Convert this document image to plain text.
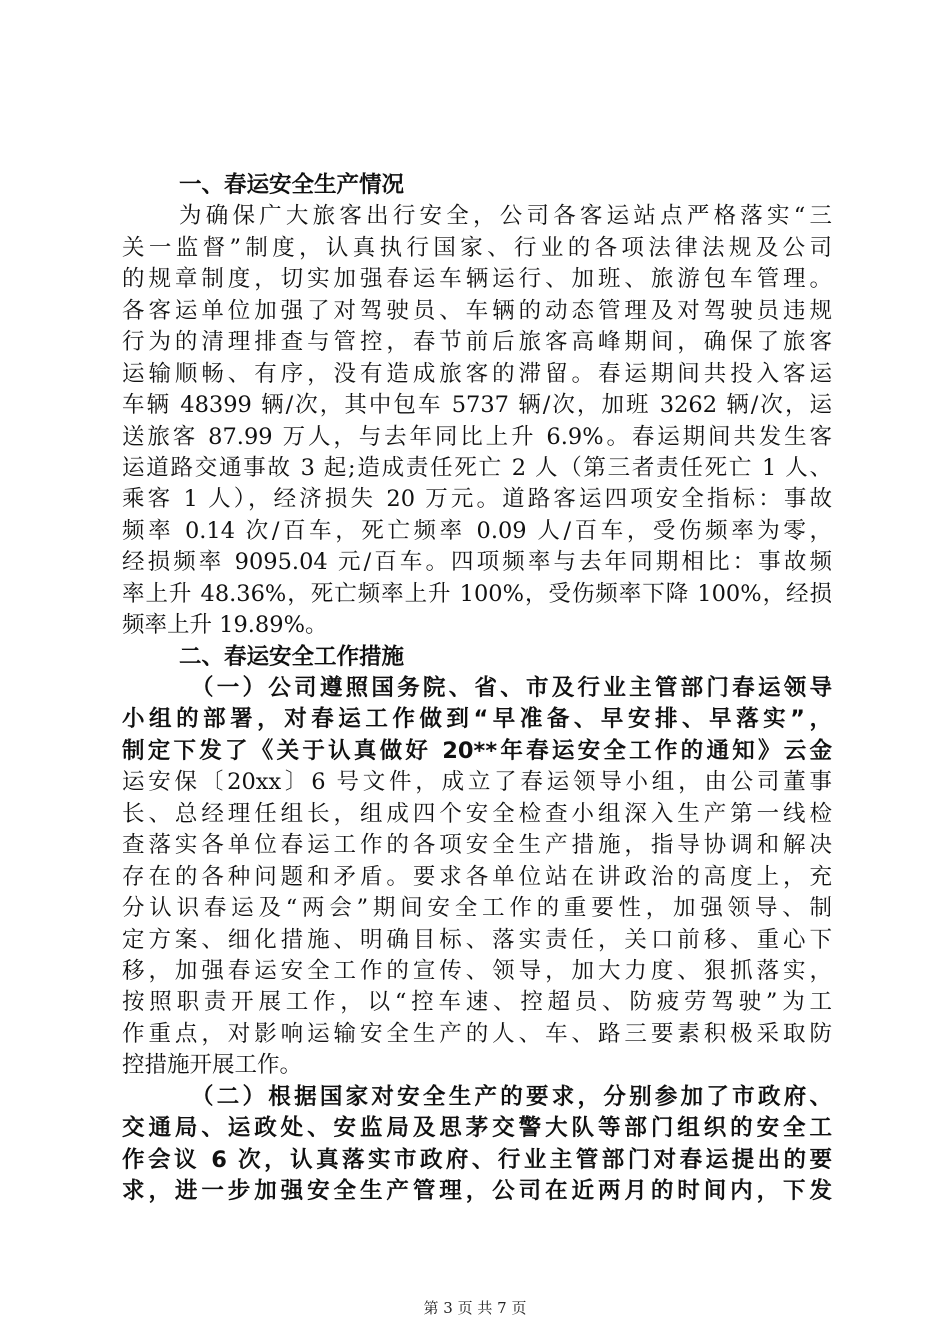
一、春运安全生产情况
为确保广大旅客出行安全，公司各客运站点严格落实“三
关一监督”制度，认真执行国家、行业的各项法律法规及公司
的规章制度，切实加强春运车辆运行、加班、旅游包车管理。
各客运单位加强了对驾驶员、车辆的动态管理及对驾驶员违规
行为的清理排查与管控，春节前后旅客高峰期间，确保了旅客
运输顺畅、有序，没有造成旅客的滞留。春运期间共投入客运
车辆 48399 辆/次，其中包车 5737 辆/次，加班 3262 辆/次，运
送旅客 87.99 万人，与去年同比上升 6.9%。春运期间共发生客
运道路交通事故 3 起;造成责任死亡 2 人（第三者责任死亡 1 人、
乘客 1 人），经济损失 20 万元。道路客运四项安全指标：事故
频率 0.14 次/百车，死亡频率 0.09 人/百车，受伤频率为零，
经损频率 9095.04 元/百车。四项频率与去年同期相比：事故频
率上升 48.36%，死亡频率上升 100%，受伤频率下降 100%，经损
频率上升 19.89%。
二、春运安全工作措施
（一）公司遵照国务院、省、市及行业主管部门春运领导
小组的部署，对春运工作做到“早准备、早安排、早落实”，
制定下发了《关于认真做好 20**年春运安全工作的通知》云金
运安保〔20xx〕6 号文件，成立了春运领导小组，由公司董事
长、总经理任组长，组成四个安全检查小组深入生产第一线检
查落实各单位春运工作的各项安全生产措施，指导协调和解决
存在的各种问题和矛盾。要求各单位站在讲政治的高度上，充
分认识春运及“两会”期间安全工作的重要性，加强领导、制
定方案、细化措施、明确目标、落实责任，关口前移、重心下
移，加强春运安全工作的宣传、领导，加大力度、狠抓落实，
按照职责开展工作，以“控车速、控超员、防疲劳驾驶”为工
作重点，对影响运输安全生产的人、车、路三要素积极采取防
控措施开展工作。
（二）根据国家对安全生产的要求，分别参加了市政府、
交通局、运政处、安监局及思茅交警大队等部门组织的安全工
作会议 6 次，认真落实市政府、行业主管部门对春运提出的要
求，进一步加强安全生产管理，公司在近两月的时间内，下发
第 3 页 共 7 页
